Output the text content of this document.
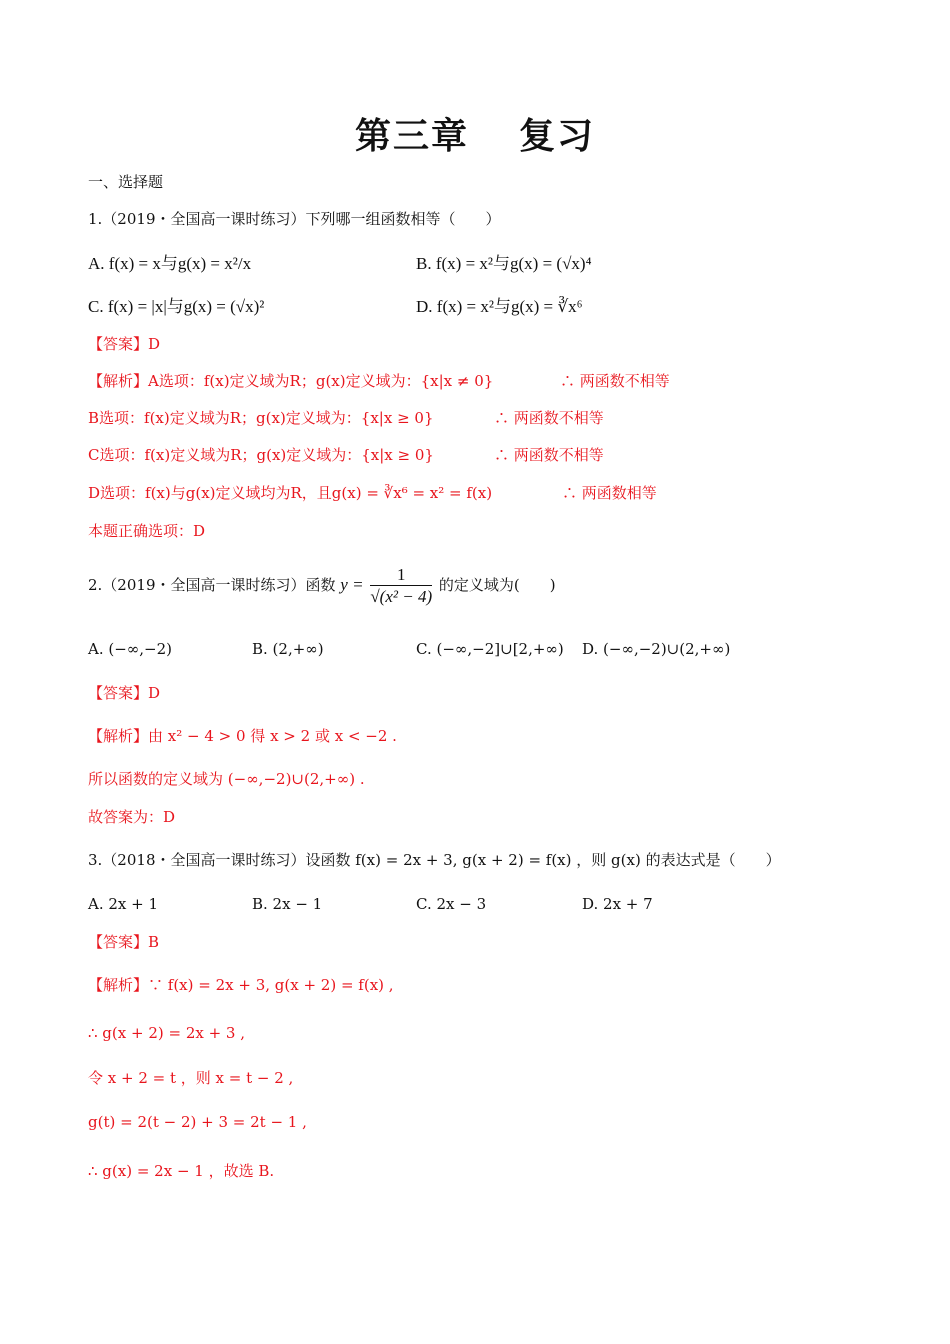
第三章 复习
一、选择题
1.（2019・全国高一课时练习）下列哪一组函数相等（　　）
A. f(x) = x与g(x) = x²/x	B. f(x) = x²与g(x) = (√x)⁴
C. f(x) = |x|与g(x) = (√x)²	D. f(x) = x²与g(x) = ∛x⁶
【答案】D
【解析】A选项：f(x)定义域为R；g(x)定义域为：{x|x ≠ 0}	∴ 两函数不相等
B选项：f(x)定义域为R；g(x)定义域为：{x|x ≥ 0}	∴ 两函数不相等
C选项：f(x)定义域为R；g(x)定义域为：{x|x ≥ 0}	∴ 两函数不相等
D选项：f(x)与g(x)定义域均为R，且g(x) = ∛x⁶ = x² = f(x)	∴ 两函数相等
本题正确选项：D
2.（2019・全国高一课时练习）函数 $y = \frac{1}{\text{√(x² − 4)}}$ 的定义域为(　　)
A. (−∞,−2)	B. (2,+∞)	C. (−∞,−2]∪[2,+∞) D. (−∞,−2)∪(2,+∞)
【答案】D
【解析】由 x² − 4 > 0 得 x > 2 或 x < −2 .
所以函数的定义域为 (−∞,−2)∪(2,+∞) .
故答案为：D
3.（2018・全国高一课时练习）设函数 f(x) = 2x + 3, g(x + 2) = f(x) ，则 g(x) 的表达式是（　　）
A. 2x + 1	B. 2x − 1	C. 2x − 3	D. 2x + 7
【答案】B
【解析】∵ f(x) = 2x + 3, g(x + 2) = f(x) ,
∴ g(x + 2) = 2x + 3 ,
令 x + 2 = t ，则 x = t − 2 ,
g(t) = 2(t − 2) + 3 = 2t − 1 ,
∴ g(x) = 2x − 1 ，故选 B.
